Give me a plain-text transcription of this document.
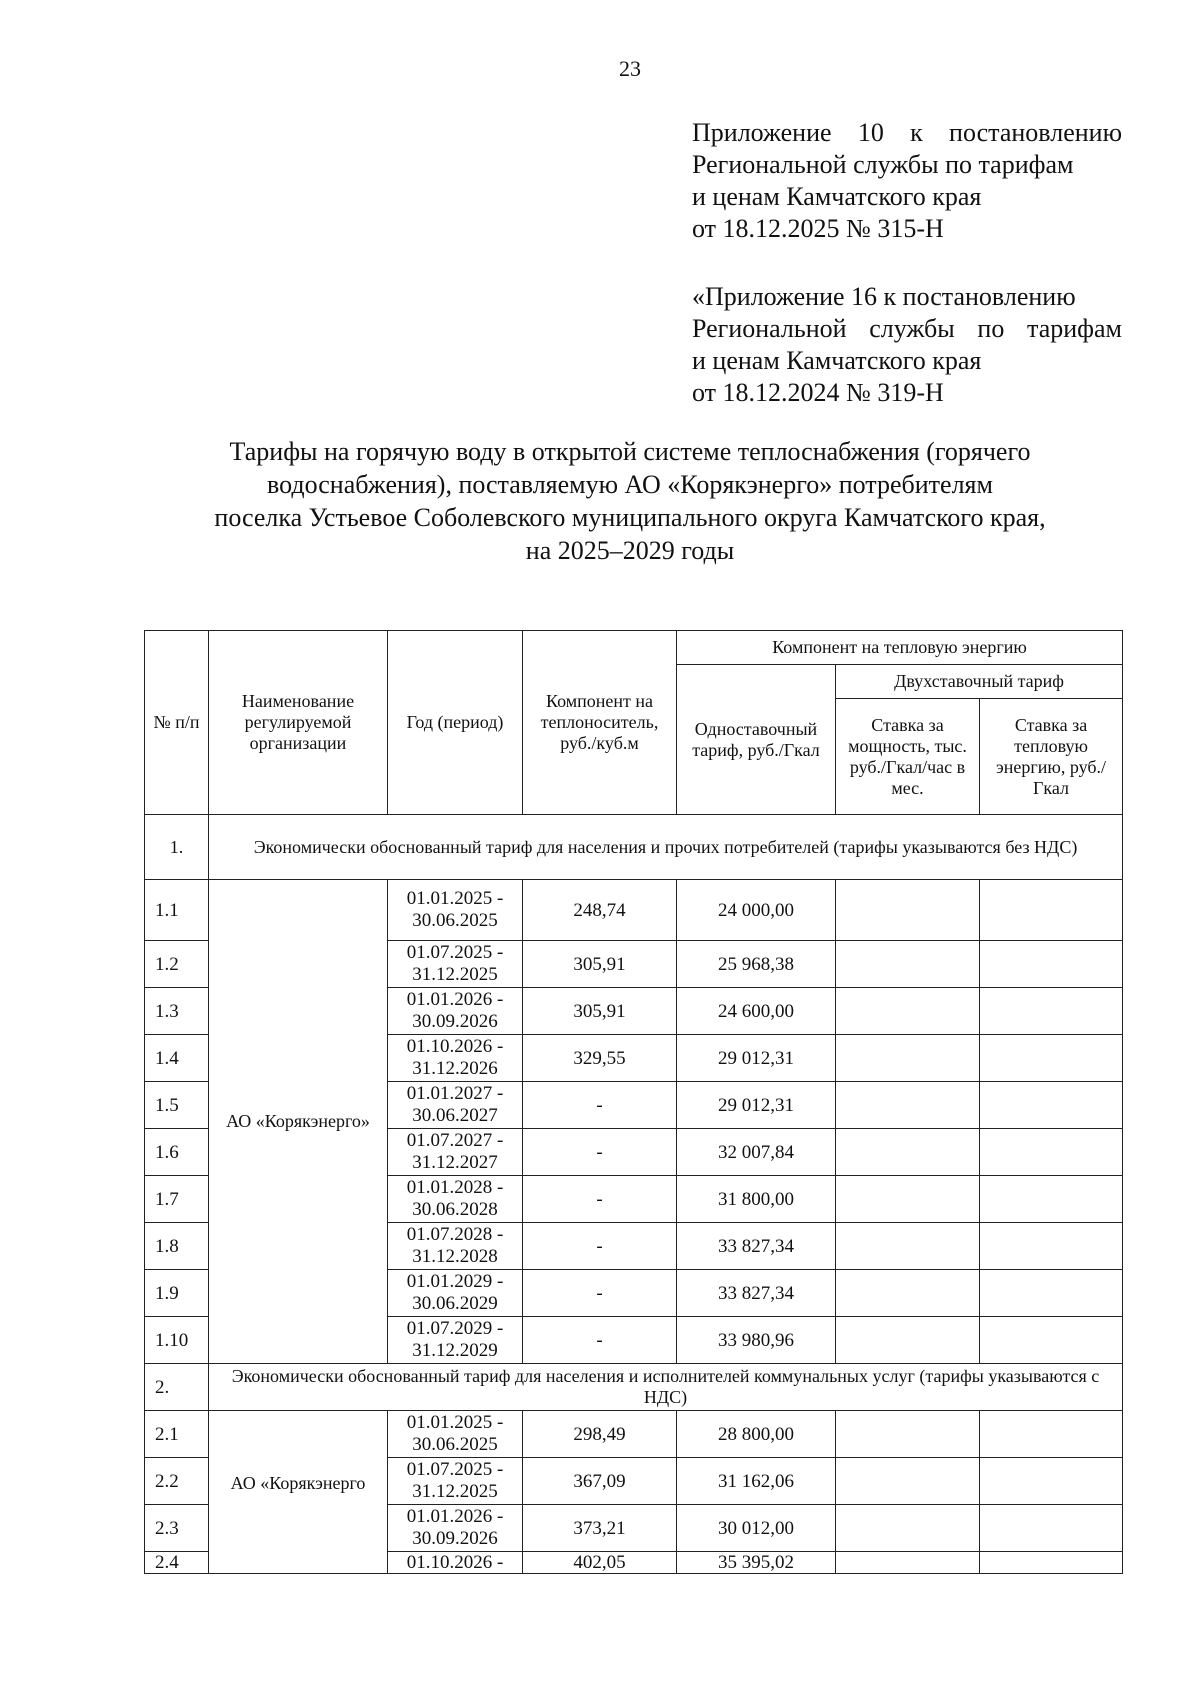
23
Приложение 10 к постановлению
Региональной службы по тарифам
и ценам Камчатского края
от 18.12.2025 № 315-Н
«Приложение 16 к постановлению
Региональной службы по тарифам
и ценам Камчатского края
от 18.12.2024 № 319-Н
Тарифы на горячую воду в открытой системе теплоснабжения (горячего
водоснабжения), поставляемую АО «Корякэнерго» потребителям
поселка Устьевое Соболевского муниципального округа Камчатского края,
на 2025–2029 годы
№ п/п	Наименование регулируемой организации	Год (период)	Компонент на теплоноситель, руб./куб.м	Компонент на тепловую энергию		
				Одноставочный тариф, руб./Гкал	Двухставочный тариф	
					Ставка за мощность, тыс. руб./Гкал/час в мес.	Ставка за тепловую энергию, руб./Гкал
1.	Экономически обоснованный тариф для населения и прочих потребителей (тарифы указываются без НДС)					
1.1	АО «Корякэнерго»	01.01.2025 - 30.06.2025	248,74	24 000,00		
1.2		01.07.2025 - 31.12.2025	305,91	25 968,38		
1.3		01.01.2026 - 30.09.2026	305,91	24 600,00		
1.4		01.10.2026 - 31.12.2026	329,55	29 012,31		
1.5		01.01.2027 - 30.06.2027	-	29 012,31		
1.6		01.07.2027 - 31.12.2027	-	32 007,84		
1.7		01.01.2028 - 30.06.2028	-	31 800,00		
1.8		01.07.2028 - 31.12.2028	-	33 827,34		
1.9		01.01.2029 - 30.06.2029	-	33 827,34		
1.10		01.07.2029 - 31.12.2029	-	33 980,96		
2.	Экономически обоснованный тариф для населения и исполнителей коммунальных услуг (тарифы указываются с НДС)					
2.1	АО «Корякэнерго	01.01.2025 - 30.06.2025	298,49	28 800,00		
2.2		01.07.2025 - 31.12.2025	367,09	31 162,06		
2.3		01.01.2026 - 30.09.2026	373,21	30 012,00		
2.4		01.10.2026 -	402,05	35 395,02		
